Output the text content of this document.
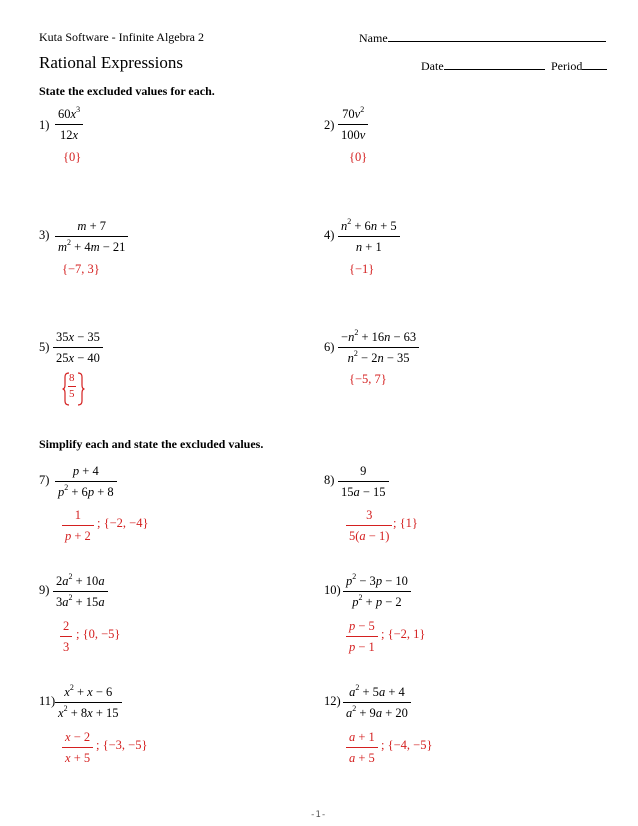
Kuta Software - Infinite Algebra 2	Name
Rational Expressions	Date	Period
State the excluded values for each.
1)
$60x^3$
12x
{0}
2)
$70v^2$
100v
{0}
3)
m + 7
$m^2 + 4m - 21$
{−7, 3}
4)
$n^2 + 6n + 5$
n + 1
{−1}
5)
35x − 35
25x − 40
8
5
6)
$-n^2 + 16n - 63$
$n^2 - 2n - 35$
{−5, 7}
Simplify each and state the excluded values.
7)
p + 4
$p^2 + 6p + 8$
1
p + 2
; {−2, −4}
8)
9
15a − 15
3
5(a − 1)
; {1}
9)
$2a^2 + 10a$
$3a^2 + 15a$
2
3
; {0, −5}
10)
$p^2 - 3p - 10$
$p^2 + p - 2$
p − 5
p − 1
; {−2, 1}
11)
$x^2 + x - 6$
$x^2 + 8x + 15$
x − 2
x + 5
; {−3, −5}
12)
$a^2 + 5a + 4$
$a^2 + 9a + 20$
a + 1
a + 5
; {−4, −5}
-1-
